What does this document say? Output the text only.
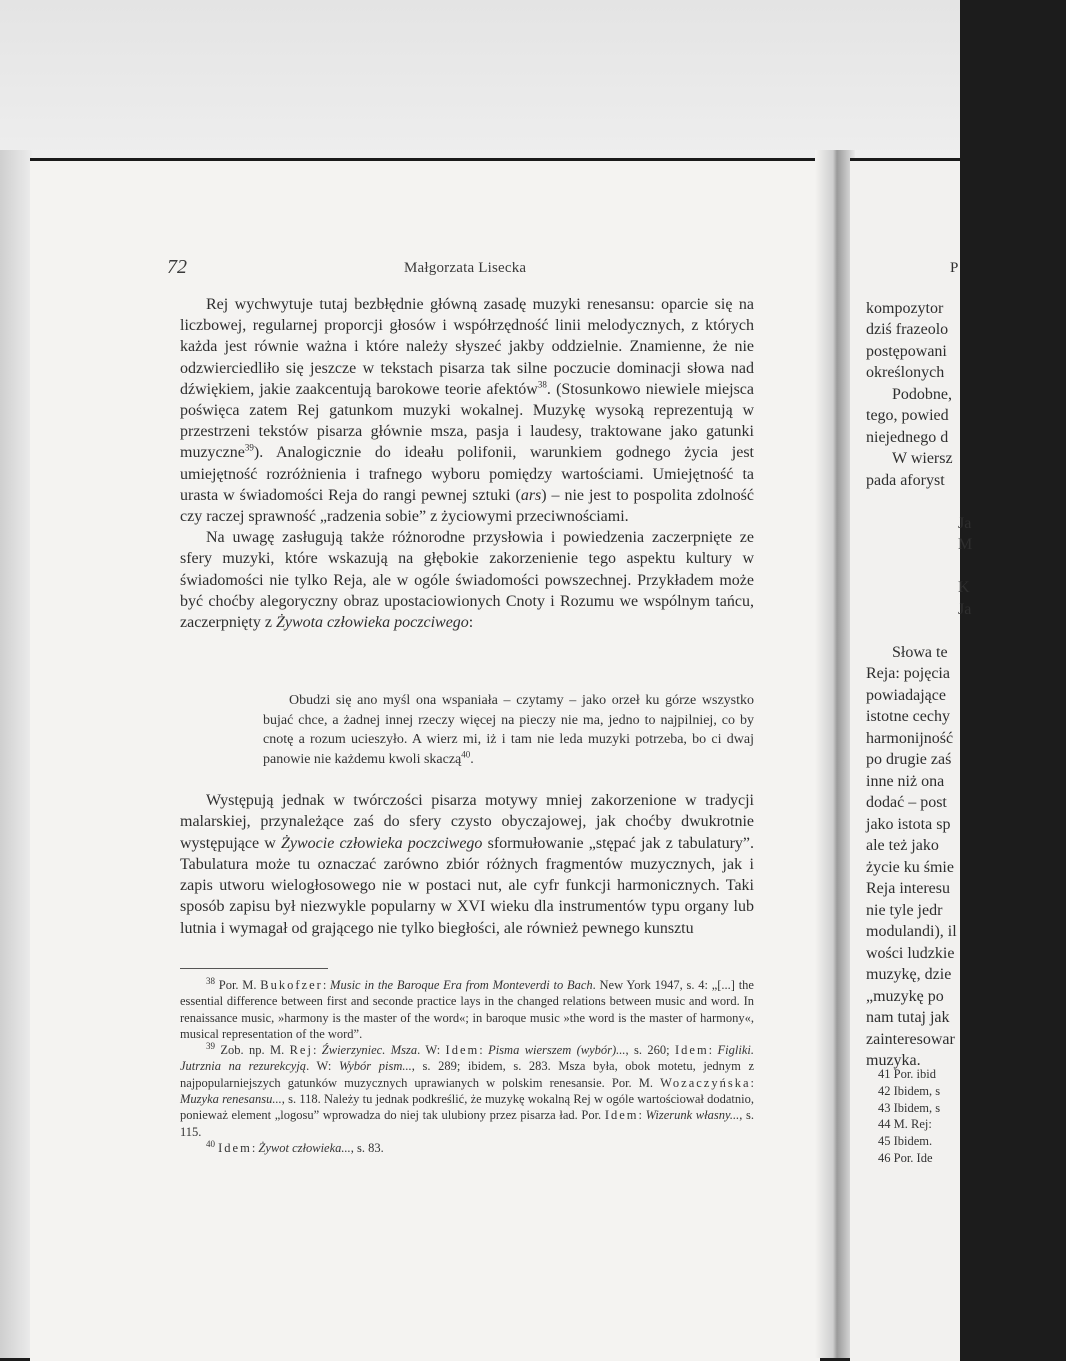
72	Małgorzata Lisecka

Rej wychwytuje tutaj bezbłędnie główną zasadę muzyki renesansu: oparcie się na liczbowej, regularnej proporcji głosów i współrzędność linii melodycznych, z których każda jest równie ważna i które należy słyszeć jakby oddzielnie. Znamienne, że nie odzwierciedliło się jeszcze w tekstach pisarza tak silne poczucie dominacji słowa nad dźwiękiem, jakie zaakcentują barokowe teorie afektów$^{38}$. (Stosunkowo niewiele miejsca poświęca zatem Rej gatunkom muzyki wokalnej. Muzykę wysoką reprezentują w przestrzeni tekstów pisarza głównie msza, pasja i laudesy, traktowane jako gatunki muzyczne$^{39}$). Analogicznie do ideału polifonii, warunkiem godnego życia jest umiejętność rozróżnienia i trafnego wyboru pomiędzy wartościami. Umiejętność ta urasta w świadomości Reja do rangi pewnej sztuki (ars) – nie jest to pospolita zdolność czy raczej sprawność „radzenia sobie” z życiowymi przeciwnościami.

Na uwagę zasługują także różnorodne przysłowia i powiedzenia zaczerpnięte ze sfery muzyki, które wskazują na głębokie zakorzenienie tego aspektu kultury w świadomości nie tylko Reja, ale w ogóle świadomości powszechnej. Przykładem może być choćby alegoryczny obraz upostaciowionych Cnoty i Rozumu we wspólnym tańcu, zaczerpnięty z Żywota człowieka poczciwego:

Obudzi się ano myśl ona wspaniała – czytamy – jako orzeł ku górze wszystko bujać chce, a żadnej innej rzeczy więcej na pieczy nie ma, jedno to najpilniej, co by cnotę a rozum ucieszyło. A wierz mi, iż i tam nie leda muzyki potrzeba, bo ci dwaj panowie nie każdemu kwoli skaczą$^{40}$.

Występują jednak w twórczości pisarza motywy mniej zakorzenione w tradycji malarskiej, przynależące zaś do sfery czysto obyczajowej, jak choćby dwukrotnie występujące w Żywocie człowieka poczciwego sformułowanie „stępać jak z tabulatury”. Tabulatura może tu oznaczać zarówno zbiór różnych fragmentów muzycznych, jak i zapis utworu wielogłosowego nie w postaci nut, ale cyfr funkcji harmonicznych. Taki sposób zapisu był niezwykle popularny w XVI wieku dla instrumentów typu organy lub lutnia i wymagał od grającego nie tylko biegłości, ale również pewnego kunsztu

$^{38}$ Por. M. Bukofzer: Music in the Baroque Era from Monteverdi to Bach. New York 1947, s. 4: „[...] the essential difference between first and seconde practice lays in the changed relations between music and word. In renaissance music, »harmony is the master of the word«; in baroque music »the word is the master of harmony«, musical representation of the word”.

$^{39}$ Zob. np. M. Rej: Źwierzyniec. Msza. W: Idem: Pisma wierszem (wybór)..., s. 260; Idem: Figliki. Jutrznia na rezurekcyją. W: Wybór pism..., s. 289; ibidem, s. 283. Msza była, obok motetu, jednym z najpopularniejszych gatunków muzycznych uprawianych w polskim renesansie. Por. M. Wozaczyńska: Muzyka renesansu..., s. 118. Należy tu jednak podkreślić, że muzykę wokalną Rej w ogóle wartościował dodatnio, ponieważ element „logosu” wprowadza do niej tak ulubiony przez pisarza ład. Por. Idem: Wizerunk własny..., s. 115.

$^{40}$ Idem: Żywot człowieka..., s. 83.

P
kompozytor
dziś frazeolo
postępowani
określonych
Podobne,
tego, powied
niejednego d
W wiersz
pada aforyst
Ja
M
K
Ja
Słowa te
Reja: pojęcia
powiadające
istotne cechy
harmonijność
po drugie zaś
inne niż ona
dodać – post
jako istota sp
ale też jako
życie ku śmie
Reja interesu
nie tyle jedr
modulandi), il
wości ludzkie
muzykę, dzie
„muzykę po
nam tutaj jak
zainteresowar
muzyka.
41 Por. ibid
42 Ibidem, s
43 Ibidem, s
44 M. Rej:
45 Ibidem.
46 Por. Ide
